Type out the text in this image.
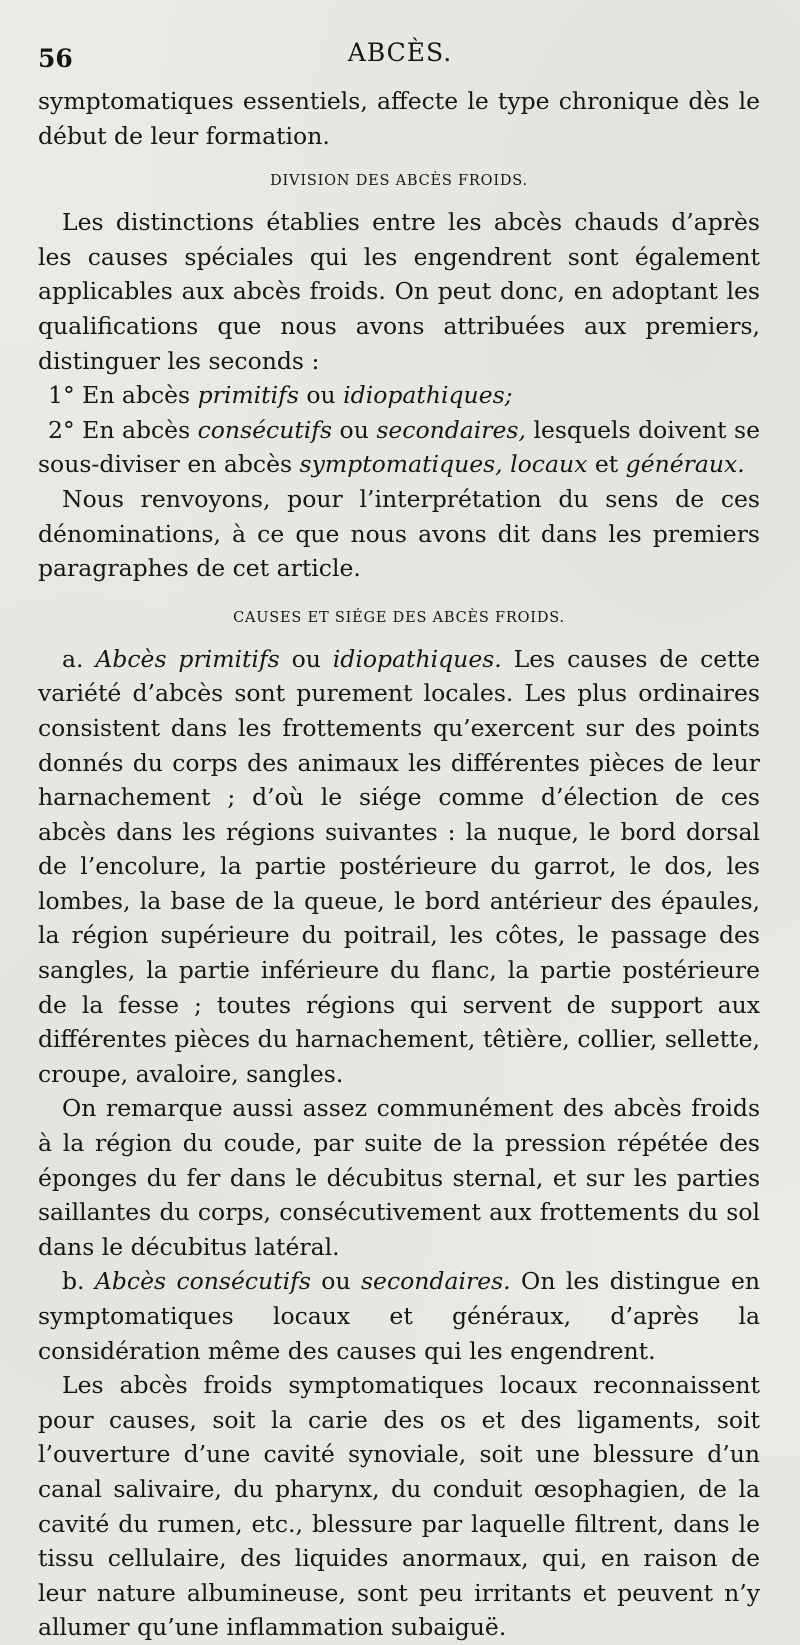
56	ABCÈS.

symptomatiques essentiels, affecte le type chronique dès le début de leur formation.

DIVISION DES ABCÈS FROIDS.

Les distinctions établies entre les abcès chauds d’après les causes spéciales qui les engendrent sont également applicables aux abcès froids. On peut donc, en adoptant les qualifications que nous avons attribuées aux premiers, distinguer les seconds :

1° En abcès primitifs ou idiopathiques;

2° En abcès consécutifs ou secondaires, lesquels doivent se sous-diviser en abcès symptomatiques, locaux et généraux.

Nous renvoyons, pour l’interprétation du sens de ces dénominations, à ce que nous avons dit dans les premiers paragraphes de cet article.

CAUSES ET SIÉGE DES ABCÈS FROIDS.

a. Abcès primitifs ou idiopathiques. Les causes de cette variété d’abcès sont purement locales. Les plus ordinaires consistent dans les frottements qu’exercent sur des points donnés du corps des animaux les différentes pièces de leur harnachement ; d’où le siége comme d’élection de ces abcès dans les régions suivantes : la nuque, le bord dorsal de l’encolure, la partie postérieure du garrot, le dos, les lombes, la base de la queue, le bord antérieur des épaules, la région supérieure du poitrail, les côtes, le passage des sangles, la partie inférieure du flanc, la partie postérieure de la fesse ; toutes régions qui servent de support aux différentes pièces du harnachement, têtière, collier, sellette, croupe, avaloire, sangles.

On remarque aussi assez communément des abcès froids à la région du coude, par suite de la pression répétée des éponges du fer dans le décubitus sternal, et sur les parties saillantes du corps, consécutivement aux frottements du sol dans le décubitus latéral.

b. Abcès consécutifs ou secondaires. On les distingue en symptomatiques locaux et généraux, d’après la considération même des causes qui les engendrent.

Les abcès froids symptomatiques locaux reconnaissent pour causes, soit la carie des os et des ligaments, soit l’ouverture d’une cavité synoviale, soit une blessure d’un canal salivaire, du pharynx, du conduit œsophagien, de la cavité du rumen, etc., blessure par laquelle filtrent, dans le tissu cellulaire, des liquides anormaux, qui, en raison de leur nature albumineuse, sont peu irritants et peuvent n’y allumer qu’une inflammation subaiguë.
